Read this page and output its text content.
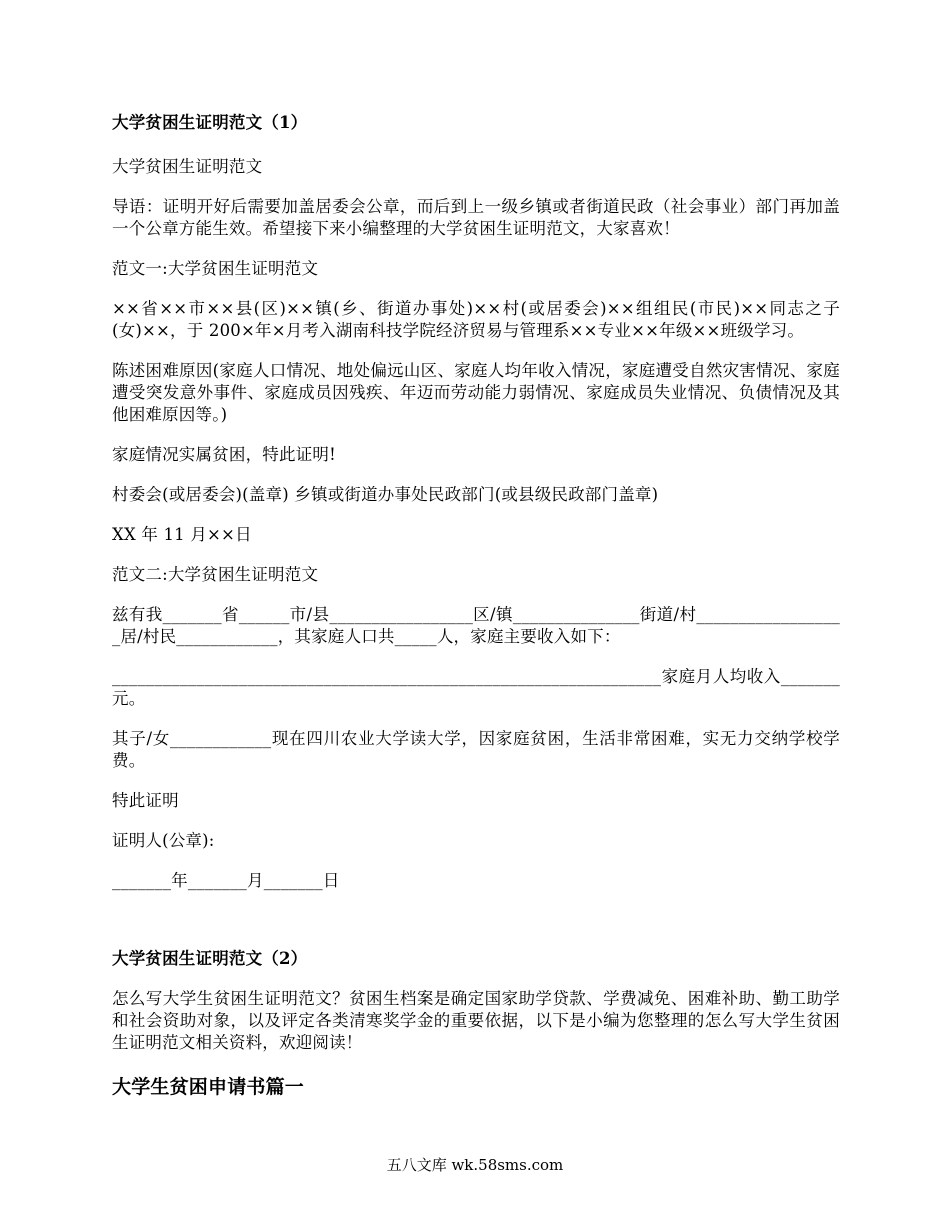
大学贫困生证明范文（1）

大学贫困生证明范文

导语：证明开好后需要加盖居委会公章，而后到上一级乡镇或者街道民政（社会事业）部门再加盖一个公章方能生效。希望接下来小编整理的大学贫困生证明范文，大家喜欢！

范文一:大学贫困生证明范文

××省××市××县(区)××镇(乡、街道办事处)××村(或居委会)××组组民(市民)××同志之子(女)××，于 200×年×月考入湖南科技学院经济贸易与管理系××专业××年级××班级学习。

陈述困难原因(家庭人口情况、地处偏远山区、家庭人均年收入情况，家庭遭受自然灾害情况、家庭遭受突发意外事件、家庭成员因残疾、年迈而劳动能力弱情况、家庭成员失业情况、负债情况及其他困难原因等。)

家庭情况实属贫困，特此证明!

村委会(或居委会)(盖章) 乡镇或街道办事处民政部门(或县级民政部门盖章)

XX 年 11 月××日

范文二:大学贫困生证明范文

兹有我_______省______市/县_________________区/镇_______________街道/村__________________居/村民____________，其家庭人口共_____人，家庭主要收入如下：

_________________________________________________________________家庭月人均收入_______元。

其子/女____________现在四川农业大学读大学，因家庭贫困，生活非常困难，实无力交纳学校学费。

特此证明

证明人(公章):

_______年_______月_______日

大学贫困生证明范文（2）

怎么写大学生贫困生证明范文？贫困生档案是确定国家助学贷款、学费减免、困难补助、勤工助学和社会资助对象，以及评定各类清寒奖学金的重要依据，以下是小编为您整理的怎么写大学生贫困生证明范文相关资料，欢迎阅读！

大学生贫困申请书篇一

五八文库 wk.58sms.com
